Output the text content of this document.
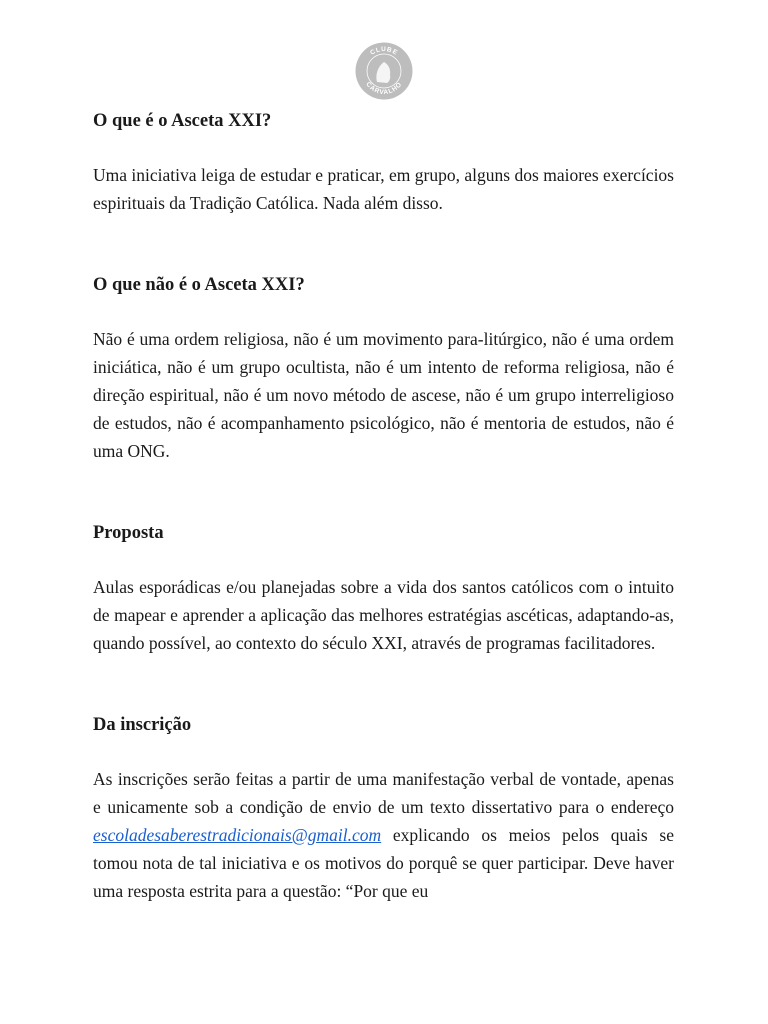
CLUBE
CARVALHO
O que é o Asceta XXI?

Uma iniciativa leiga de estudar e praticar, em grupo, alguns dos maiores exercícios espirituais da Tradição Católica. Nada além disso.

O que não é o Asceta XXI?

Não é uma ordem religiosa, não é um movimento para-litúrgico, não é uma ordem iniciática, não é um grupo ocultista, não é um intento de reforma religiosa, não é direção espiritual, não é um novo método de ascese, não é um grupo interreligioso de estudos, não é acompanhamento psicológico, não é mentoria de estudos, não é uma ONG.

Proposta

Aulas esporádicas e/ou planejadas sobre a vida dos santos católicos com o intuito de mapear e aprender a aplicação das melhores estratégias ascéticas, adaptando-as, quando possível, ao contexto do século XXI, através de programas facilitadores.

Da inscrição

As inscrições serão feitas a partir de uma manifestação verbal de vontade, apenas e unicamente sob a condição de envio de um texto dissertativo para o endereço escoladesaberestradicionais@gmail.com explicando os meios pelos quais se tomou nota de tal iniciativa e os motivos do porquê se quer participar. Deve haver uma resposta estrita para a questão: “Por que eu
